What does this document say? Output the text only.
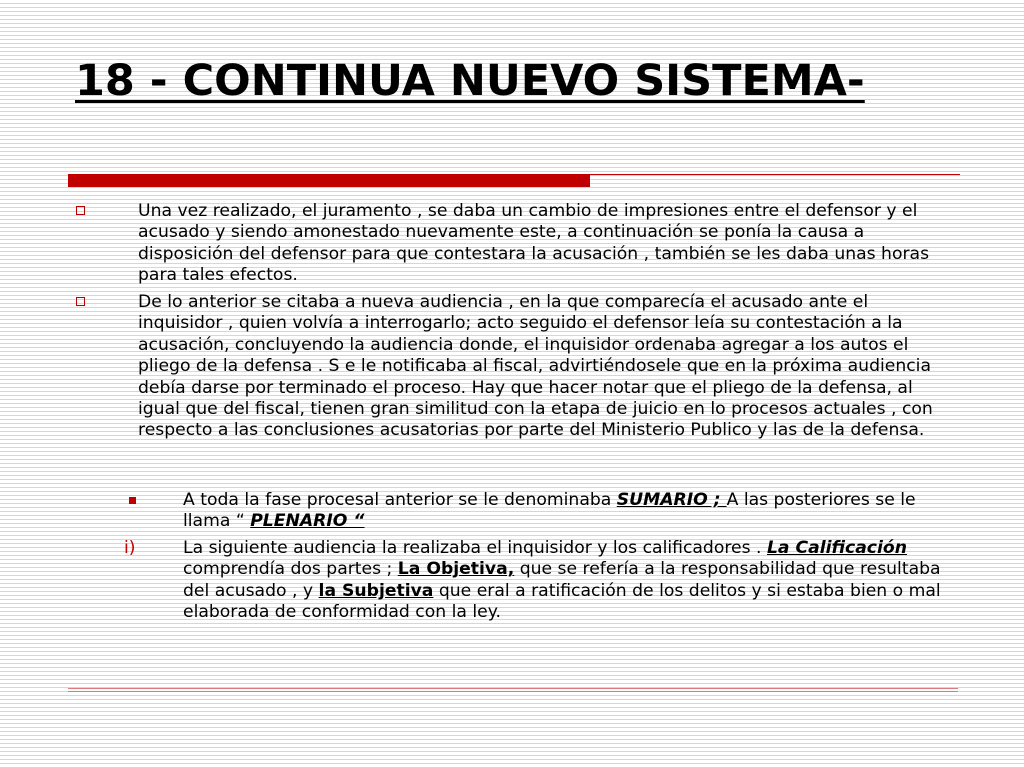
18 - CONTINUA NUEVO SISTEMA-
Una vez realizado, el juramento , se daba un cambio de impresiones entre el defensor y el acusado y siendo amonestado nuevamente este, a continuación se ponía la causa a disposición del defensor para que contestara la acusación , también se les daba unas horas para tales efectos.
De lo anterior se citaba a nueva audiencia , en la que comparecía el acusado ante el inquisidor , quien volvía a interrogarlo; acto seguido el defensor leía su contestación a la acusación, concluyendo la audiencia donde, el inquisidor ordenaba agregar a los autos el pliego de la defensa . S e le notificaba al fiscal, advirtiéndosele que en la próxima audiencia debía darse por terminado el proceso. Hay que hacer notar que el pliego de la defensa, al igual que del fiscal, tienen gran similitud con la etapa de juicio en lo procesos actuales , con respecto a las conclusiones acusatorias por parte del Ministerio Publico y las de la defensa.
A toda la fase procesal anterior se le denominaba SUMARIO ; A las posteriores se le llama “ PLENARIO “
i)	La siguiente audiencia la realizaba el inquisidor y los calificadores . La Calificación comprendía dos partes ; La Objetiva, que se refería a la responsabilidad que resultaba del acusado , y la Subjetiva que eral a ratificación de los delitos y si estaba bien o mal elaborada de conformidad con la ley.
